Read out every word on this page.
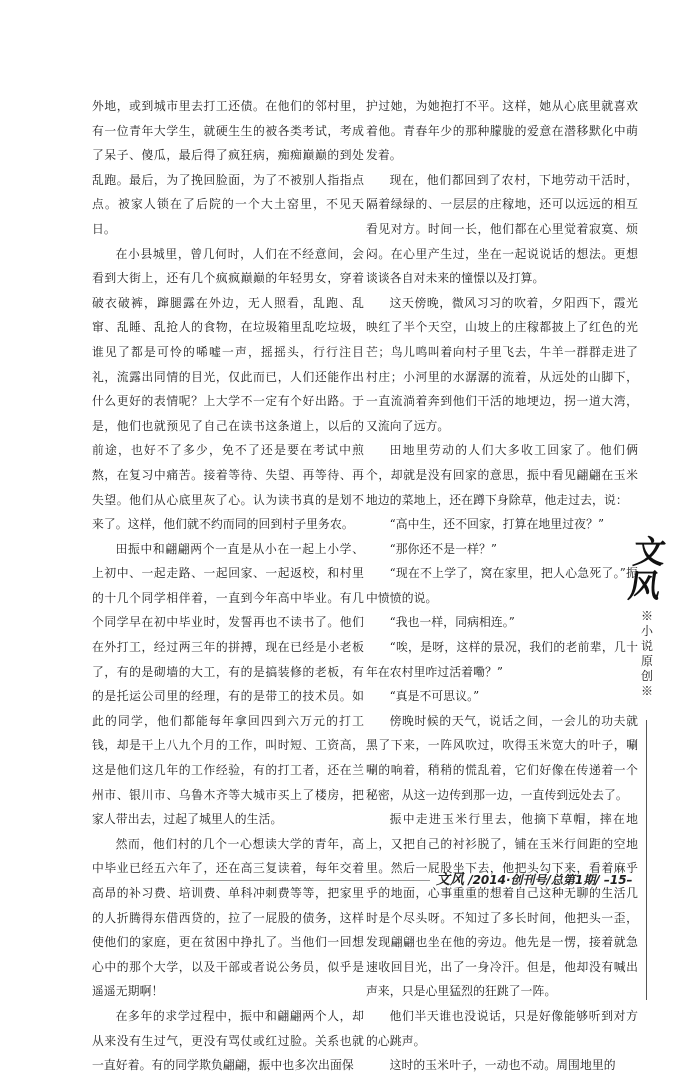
外地，或到城市里去打工还债。在他们的邻村里，有一位青年大学生，就硬生生的被各类考试，考成了呆子、傻瓜，最后得了疯狂病，痴痴巅巅的到处乱跑。最后，为了挽回脸面，为了不被别人指指点点。被家人锁在了后院的一个大土窑里，不见天日。

在小县城里，曾几何时，人们在不经意间，会看到大街上，还有几个疯疯巅巅的年轻男女，穿着破衣破裤，蹿腿露在外边，无人照看，乱跑、乱窜、乱睡、乱抢人的食物，在垃圾箱里乱吃垃圾，谁见了都是可怜的唏嘘一声，摇摇头，行行注目礼，流露出同情的目光，仅此而已，人们还能作出什么更好的表情呢？上大学不一定有个好出路。于是，他们也就预见了自己在读书这条道上，以后的前途，也好不了多少，免不了还是要在考试中煎熬，在复习中痛苦。接着等待、失望、再等待、再失望。他们从心底里灰了心。认为读书真的是划不来了。这样，他们就不约而同的回到村子里务农。

田振中和翩翩两个一直是从小在一起上小学、上初中、一起走路、一起回家、一起返校，和村里的十几个同学相伴着，一直到今年高中毕业。有几个同学早在初中毕业时，发誓再也不读书了。他们在外打工，经过两三年的拼搏，现在已经是小老板了，有的是砌墙的大工，有的是搞装修的老板，有的是托运公司里的经理，有的是带工的技术员。如此的同学，他们都能每年拿回四到六万元的打工钱，却是干上八九个月的工作，叫时短、工资高，这是他们这几年的工作经验，有的打工者，还在兰州市、银川市、乌鲁木齐等大城市买上了楼房，把家人带出去，过起了城里人的生活。

然而，他们村的几个一心想读大学的青年，高中毕业已经五六年了，还在高三复读着，每年交着高昂的补习费、培训费、单科冲刺费等等，把家里的人折腾得东借西贷的，拉了一屁股的债务，这样使他们的家庭，更在贫困中挣扎了。当他们一回想心中的那个大学，以及干部或者说公务员，似乎是遥遥无期啊！

在多年的求学过程中，振中和翩翩两个人，却从来没有生过气，更没有骂仗或红过脸。关系也就一直好着。有的同学欺负翩翩，振中也多次出面保

护过她，为她抱打不平。这样，她从心底里就喜欢着他。青春年少的那种朦胧的爱意在潜移默化中萌发着。

现在，他们都回到了农村，下地劳动干活时，隔着绿绿的、一层层的庄稼地，还可以远远的相互看见对方。时间一长，他们都在心里觉着寂寞、烦闷。在心里产生过，坐在一起说说话的想法。更想谈谈各自对未来的憧憬以及打算。

这天傍晚，微风习习的吹着，夕阳西下，霞光映红了半个天空，山坡上的庄稼都披上了红色的光芒；鸟儿鸣叫着向村子里飞去，牛羊一群群走进了村庄；小河里的水潺潺的流着，从远处的山脚下，一直流淌着奔到他们干活的地埂边，拐一道大湾，又流向了远方。

田地里劳动的人们大多收工回家了。他们俩个，却就是没有回家的意思，振中看见翩翩在玉米地边的菜地上，还在蹲下身除草，他走过去，说：

“高中生，还不回家，打算在地里过夜？”

“那你还不是一样？”

“现在不上学了，窝在家里，把人心急死了。”振中愤愤的说。

“我也一样，同病相连。”

“唉，是呀，这样的景况，我们的老前辈，几十年在农村里咋过活着嘞？”

“真是不可思议。”

傍晚时候的天气，说话之间，一会儿的功夫就黑了下来，一阵风吹过，吹得玉米宽大的叶子，唰唰的响着，稍稍的慌乱着，它们好像在传递着一个秘密，从这一边传到那一边，一直传到远处去了。

振中走进玉米行里去，他摘下草帽，摔在地上，又把自己的衬衫脱了，铺在玉米行间距的空地里。然后一屁股坐下去，他把头勾下来，看着麻乎乎的地面，心事重重的想着自己这种无聊的生活几时是个尽头呀。不知过了多长时间，他把头一歪，发现翩翩也坐在他的旁边。他先是一愣，接着就急速收回目光，出了一身冷汗。但是，他却没有喊出声来，只是心里猛烈的狂跳了一阵。

他们半天谁也没说话，只是好像能够听到对方的心跳声。

这时的玉米叶子，一动也不动。周围地里的

文风
※小说原创※
文风 /2014·创刊号/总第1期/ –15–
